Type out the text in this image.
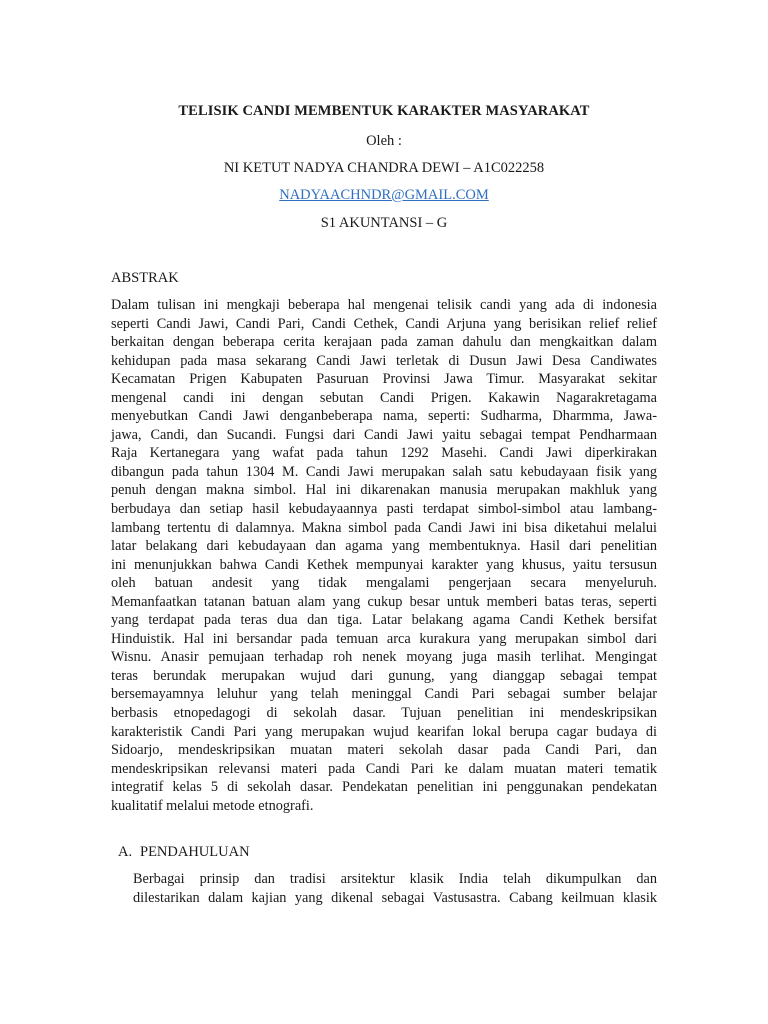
TELISIK CANDI MEMBENTUK KARAKTER MASYARAKAT
Oleh :
NI KETUT NADYA CHANDRA DEWI – A1C022258
NADYAACHNDR@GMAIL.COM
S1 AKUNTANSI – G
ABSTRAK
Dalam tulisan ini mengkaji beberapa hal mengenai telisik candi yang ada di indonesia
seperti Candi Jawi, Candi Pari, Candi Cethek, Candi Arjuna yang berisikan relief relief
berkaitan dengan beberapa cerita kerajaan pada zaman dahulu dan mengkaitkan dalam
kehidupan pada masa sekarang Candi Jawi terletak di Dusun Jawi Desa Candiwates
Kecamatan Prigen Kabupaten Pasuruan Provinsi Jawa Timur. Masyarakat sekitar
mengenal candi ini dengan sebutan Candi Prigen. Kakawin Nagarakretagama
menyebutkan Candi Jawi denganbeberapa nama, seperti: Sudharma, Dharmma, Jawa-
jawa, Candi, dan Sucandi. Fungsi dari Candi Jawi yaitu sebagai tempat Pendharmaan
Raja Kertanegara yang wafat pada tahun 1292 Masehi. Candi Jawi diperkirakan
dibangun pada tahun 1304 M. Candi Jawi merupakan salah satu kebudayaan fisik yang
penuh dengan makna simbol. Hal ini dikarenakan manusia merupakan makhluk yang
berbudaya dan setiap hasil kebudayaannya pasti terdapat simbol-simbol atau lambang-
lambang tertentu di dalamnya. Makna simbol pada Candi Jawi ini bisa diketahui melalui
latar belakang dari kebudayaan dan agama yang membentuknya. Hasil dari penelitian
ini menunjukkan bahwa Candi Kethek mempunyai karakter yang khusus, yaitu tersusun
oleh batuan andesit yang tidak mengalami pengerjaan secara menyeluruh.
Memanfaatkan tatanan batuan alam yang cukup besar untuk memberi batas teras, seperti
yang terdapat pada teras dua dan tiga. Latar belakang agama Candi Kethek bersifat
Hinduistik. Hal ini bersandar pada temuan arca kurakura yang merupakan simbol dari
Wisnu. Anasir pemujaan terhadap roh nenek moyang juga masih terlihat. Mengingat
teras berundak merupakan wujud dari gunung, yang dianggap sebagai tempat
bersemayamnya leluhur yang telah meninggal Candi Pari sebagai sumber belajar
berbasis etnopedagogi di sekolah dasar. Tujuan penelitian ini mendeskripsikan
karakteristik Candi Pari yang merupakan wujud kearifan lokal berupa cagar budaya di
Sidoarjo, mendeskripsikan muatan materi sekolah dasar pada Candi Pari, dan
mendeskripsikan relevansi materi pada Candi Pari ke dalam muatan materi tematik
integratif kelas 5 di sekolah dasar. Pendekatan penelitian ini penggunakan pendekatan
kualitatif melalui metode etnografi.
A. PENDAHULUAN
Berbagai prinsip dan tradisi arsitektur klasik India telah dikumpulkan dan
dilestarikan dalam kajian yang dikenal sebagai Vastusastra. Cabang keilmuan klasik
